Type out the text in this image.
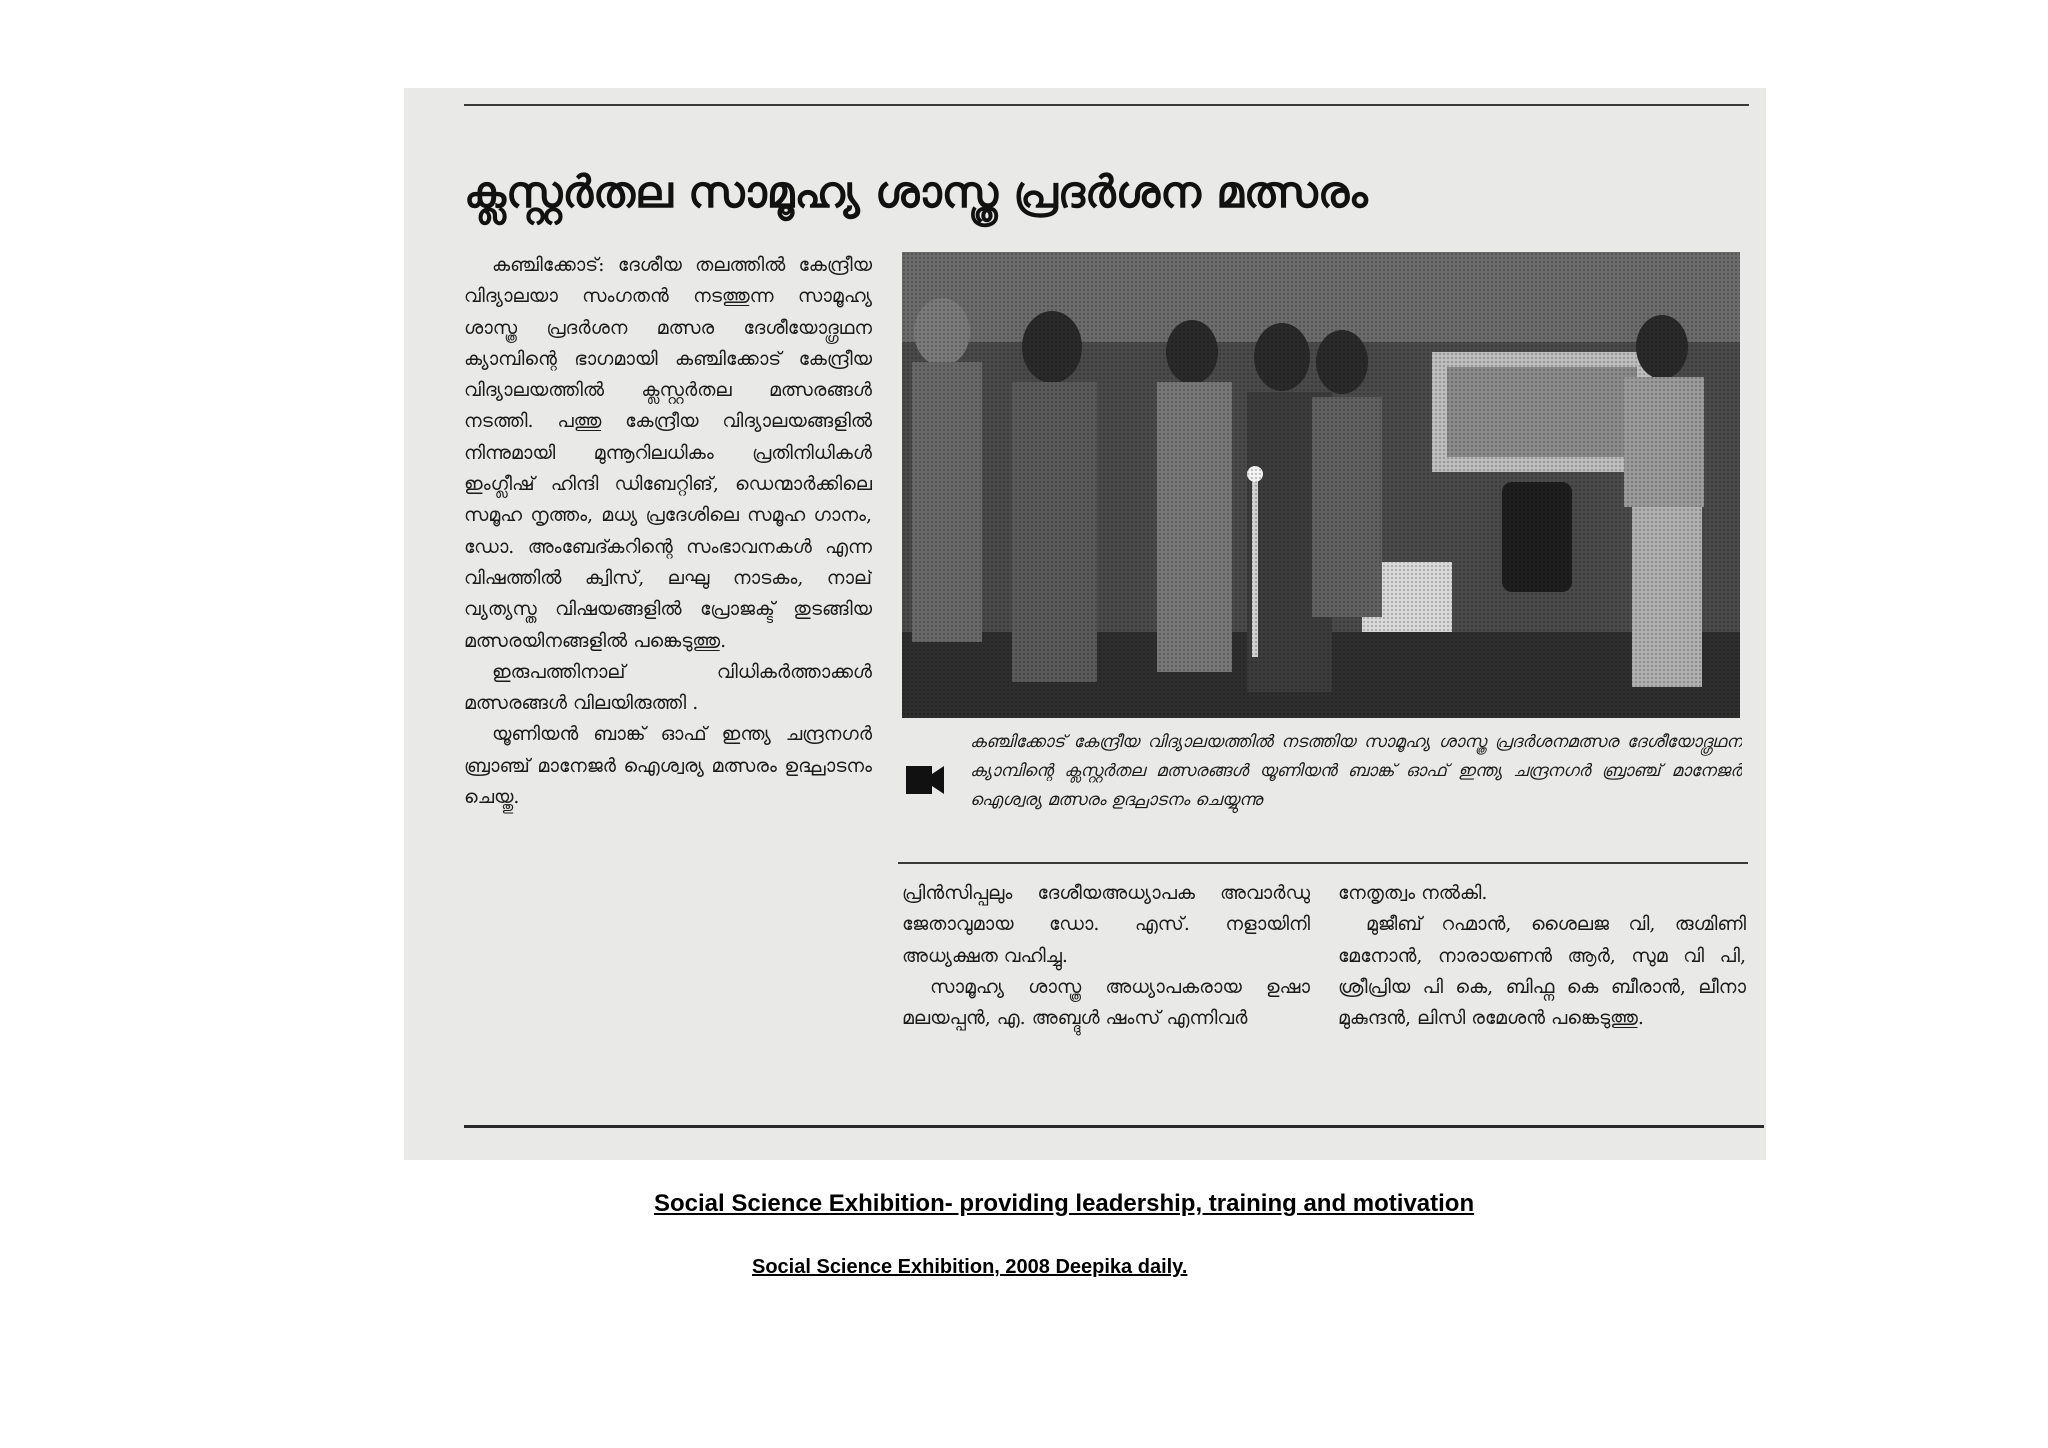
ക്ലസ്റ്റർതല സാമൂഹ്യ ശാസ്ത്ര പ്രദർശന മത്സരം

കഞ്ചിക്കോട്: ദേശീയ തലത്തിൽ കേന്ദ്രീയ വിദ്യാലയാ സംഗതൻ നടത്തുന്ന സാമൂഹ്യ ശാസ്ത്ര പ്രദർശന മത്സര ദേശീയോദ്ഗ്രഥന ക്യാമ്പിന്റെ ഭാഗമായി കഞ്ചിക്കോട് കേന്ദ്രീയ വിദ്യാലയത്തിൽ ക്ലസ്റ്റർതല മത്സരങ്ങൾ നടത്തി. പത്തു കേന്ദ്രീയ വിദ്യാലയങ്ങളിൽ നിന്നുമായി മുന്നൂറിലധികം പ്രതിനിധികൾ ഇംഗ്ലീഷ് ഹിന്ദി ഡിബേറ്റിങ്, ഡെന്മാർക്കിലെ സമൂഹ നൃത്തം, മധ്യ പ്രദേശിലെ സമൂഹ ഗാനം, ഡോ. അംബേദ്കറിന്റെ സംഭാവനകൾ എന്ന വിഷത്തിൽ ക്വിസ്, ലഘു നാടകം, നാല് വ്യത്യസ്ത വിഷയങ്ങളിൽ പ്രോജക്ട് തുടങ്ങിയ മത്സരയിനങ്ങളിൽ പങ്കെടുത്തു.

ഇരുപത്തിനാല് വിധികർത്താക്കൾ മത്സരങ്ങൾ വിലയിരുത്തി .

യൂണിയൻ ബാങ്ക് ഓഫ് ഇന്ത്യ ചന്ദ്രനഗർ ബ്രാഞ്ച് മാനേജർ ഐശ്വര്യ മത്സരം ഉദ്ഘാടനം ചെയ്തു.

കഞ്ചിക്കോട് കേന്ദ്രീയ വിദ്യാലയത്തിൽ നടത്തിയ സാമൂഹ്യ ശാസ്ത്ര പ്രദർശനമത്സര ദേശീയോദ്ഗ്രഥന ക്യാമ്പിന്റെ ക്ലസ്റ്റർതല മത്സരങ്ങൾ യൂണിയൻ ബാങ്ക് ഓഫ് ഇന്ത്യ ചന്ദ്രനഗർ ബ്രാഞ്ച് മാനേജർ ഐശ്വര്യ മത്സരം ഉദ്ഘാടനം ചെയ്യുന്നു

പ്രിൻസിപ്പലും ദേശീയഅധ്യാപക അവാർഡു ജേതാവുമായ ഡോ. എസ്. നളായിനി അധ്യക്ഷത വഹിച്ചു.

സാമൂഹ്യ ശാസ്ത്ര അധ്യാപകരായ ഉഷാ മലയപ്പൻ, എ. അബ്ദുൾ ഷംസ് എന്നിവർ

നേതൃത്വം നൽകി.

മുജീബ് റഹ്മാൻ, ശൈലജ വി, രുഗ്മിണി മേനോൻ, നാരായണൻ ആർ, സുമ വി പി, ശ്രീപ്രിയ പി കെ, ബിഫ്ന കെ ബീരാൻ, ലീനാ മുകുന്ദൻ, ലിസി രമേശൻ പങ്കെടുത്തു.

Social Science Exhibition- providing leadership, training and motivation
Social Science Exhibition, 2008 Deepika daily.
